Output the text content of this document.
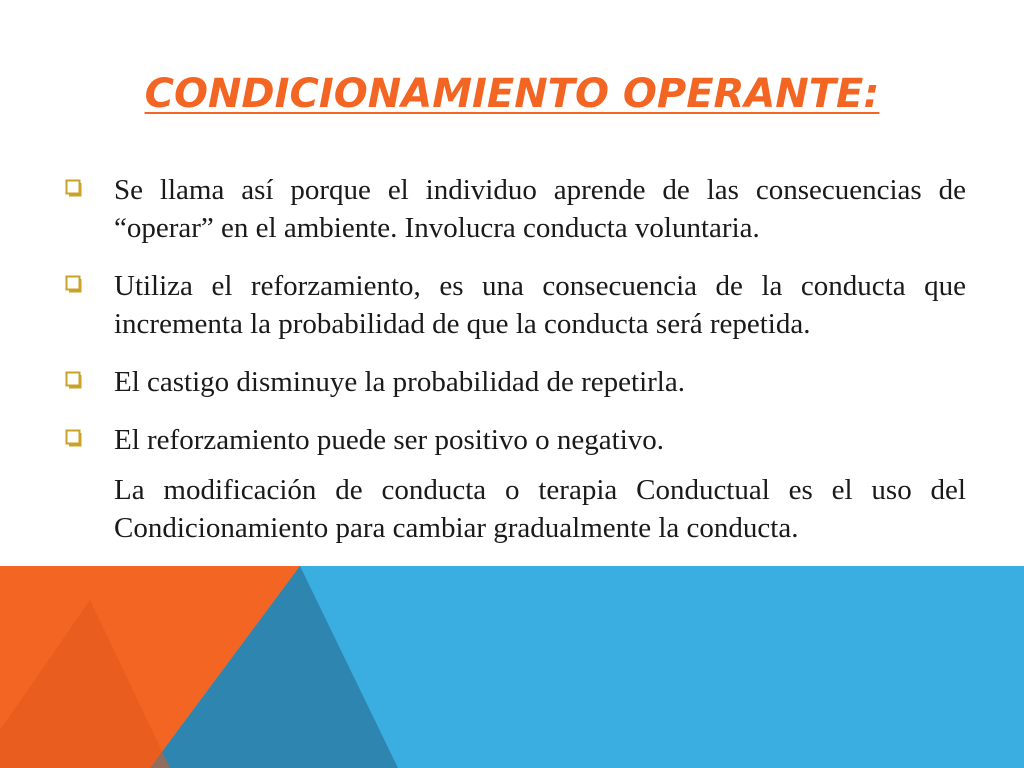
CONDICIONAMIENTO OPERANTE:
Se llama así porque el individuo aprende de las consecuencias de “operar” en el ambiente. Involucra conducta voluntaria.
Utiliza el reforzamiento, es una consecuencia de la conducta que incrementa la probabilidad de que la conducta será repetida.
El castigo disminuye la probabilidad de repetirla.
El reforzamiento puede ser positivo o negativo.
La modificación de conducta o terapia Conductual es el uso del Condicionamiento para cambiar gradualmente la conducta.
